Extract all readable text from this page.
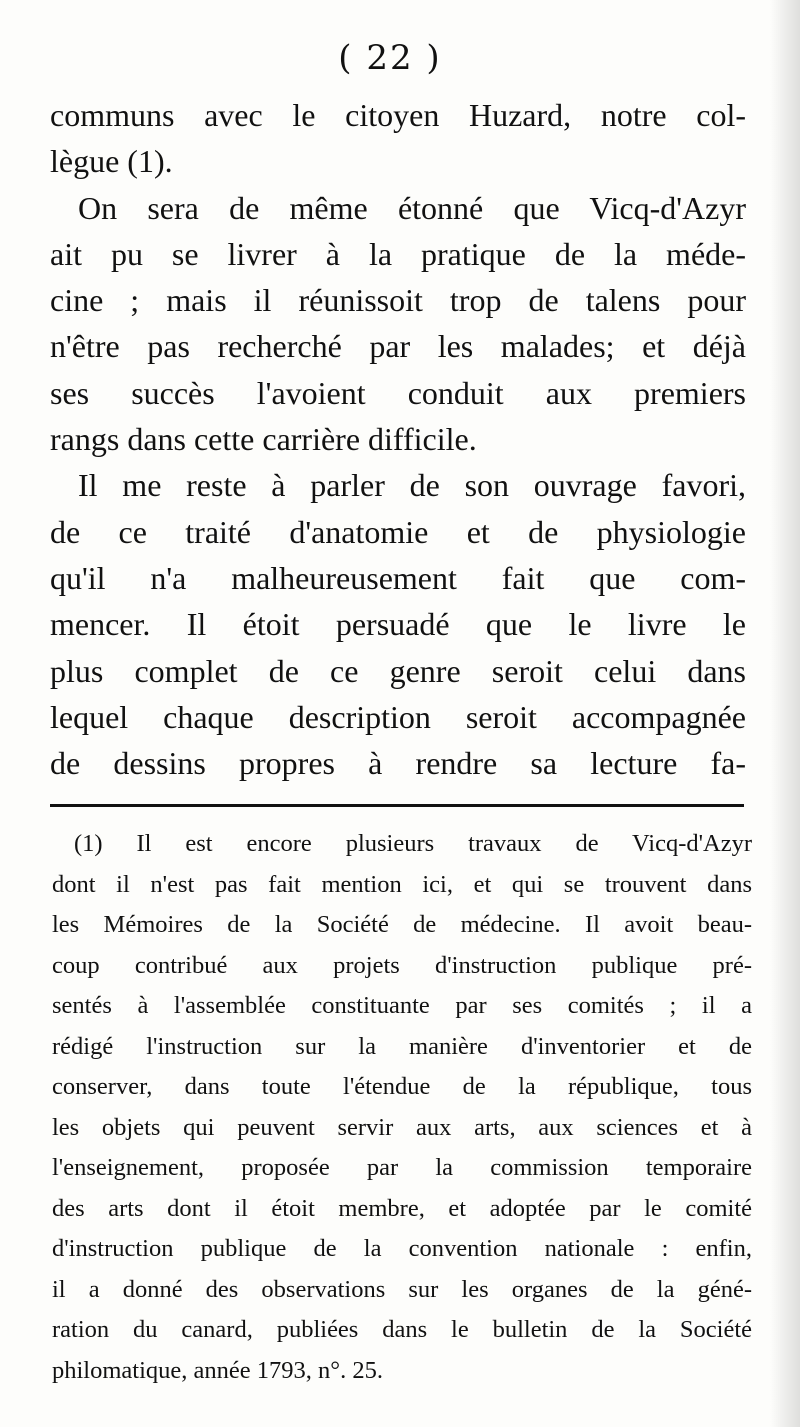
( 22 )
communs avec le citoyen Huzard, notre col-
lègue (1).
On sera de même étonné que Vicq-d'Azyr
ait pu se livrer à la pratique de la méde-
cine ; mais il réunissoit trop de talens pour
n'être pas recherché par les malades; et déjà
ses succès l'avoient conduit aux premiers
rangs dans cette carrière difficile.
Il me reste à parler de son ouvrage favori,
de ce traité d'anatomie et de physiologie
qu'il n'a malheureusement fait que com-
mencer. Il étoit persuadé que le livre le
plus complet de ce genre seroit celui dans
lequel chaque description seroit accompagnée
de dessins propres à rendre sa lecture fa-
(1) Il est encore plusieurs travaux de Vicq-d'Azyr
dont il n'est pas fait mention ici, et qui se trouvent dans
les Mémoires de la Société de médecine. Il avoit beau-
coup contribué aux projets d'instruction publique pré-
sentés à l'assemblée constituante par ses comités ; il a
rédigé l'instruction sur la manière d'inventorier et de
conserver, dans toute l'étendue de la république, tous
les objets qui peuvent servir aux arts, aux sciences et à
l'enseignement, proposée par la commission temporaire
des arts dont il étoit membre, et adoptée par le comité
d'instruction publique de la convention nationale : enfin,
il a donné des observations sur les organes de la géné-
ration du canard, publiées dans le bulletin de la Société
philomatique, année 1793, n°. 25.
